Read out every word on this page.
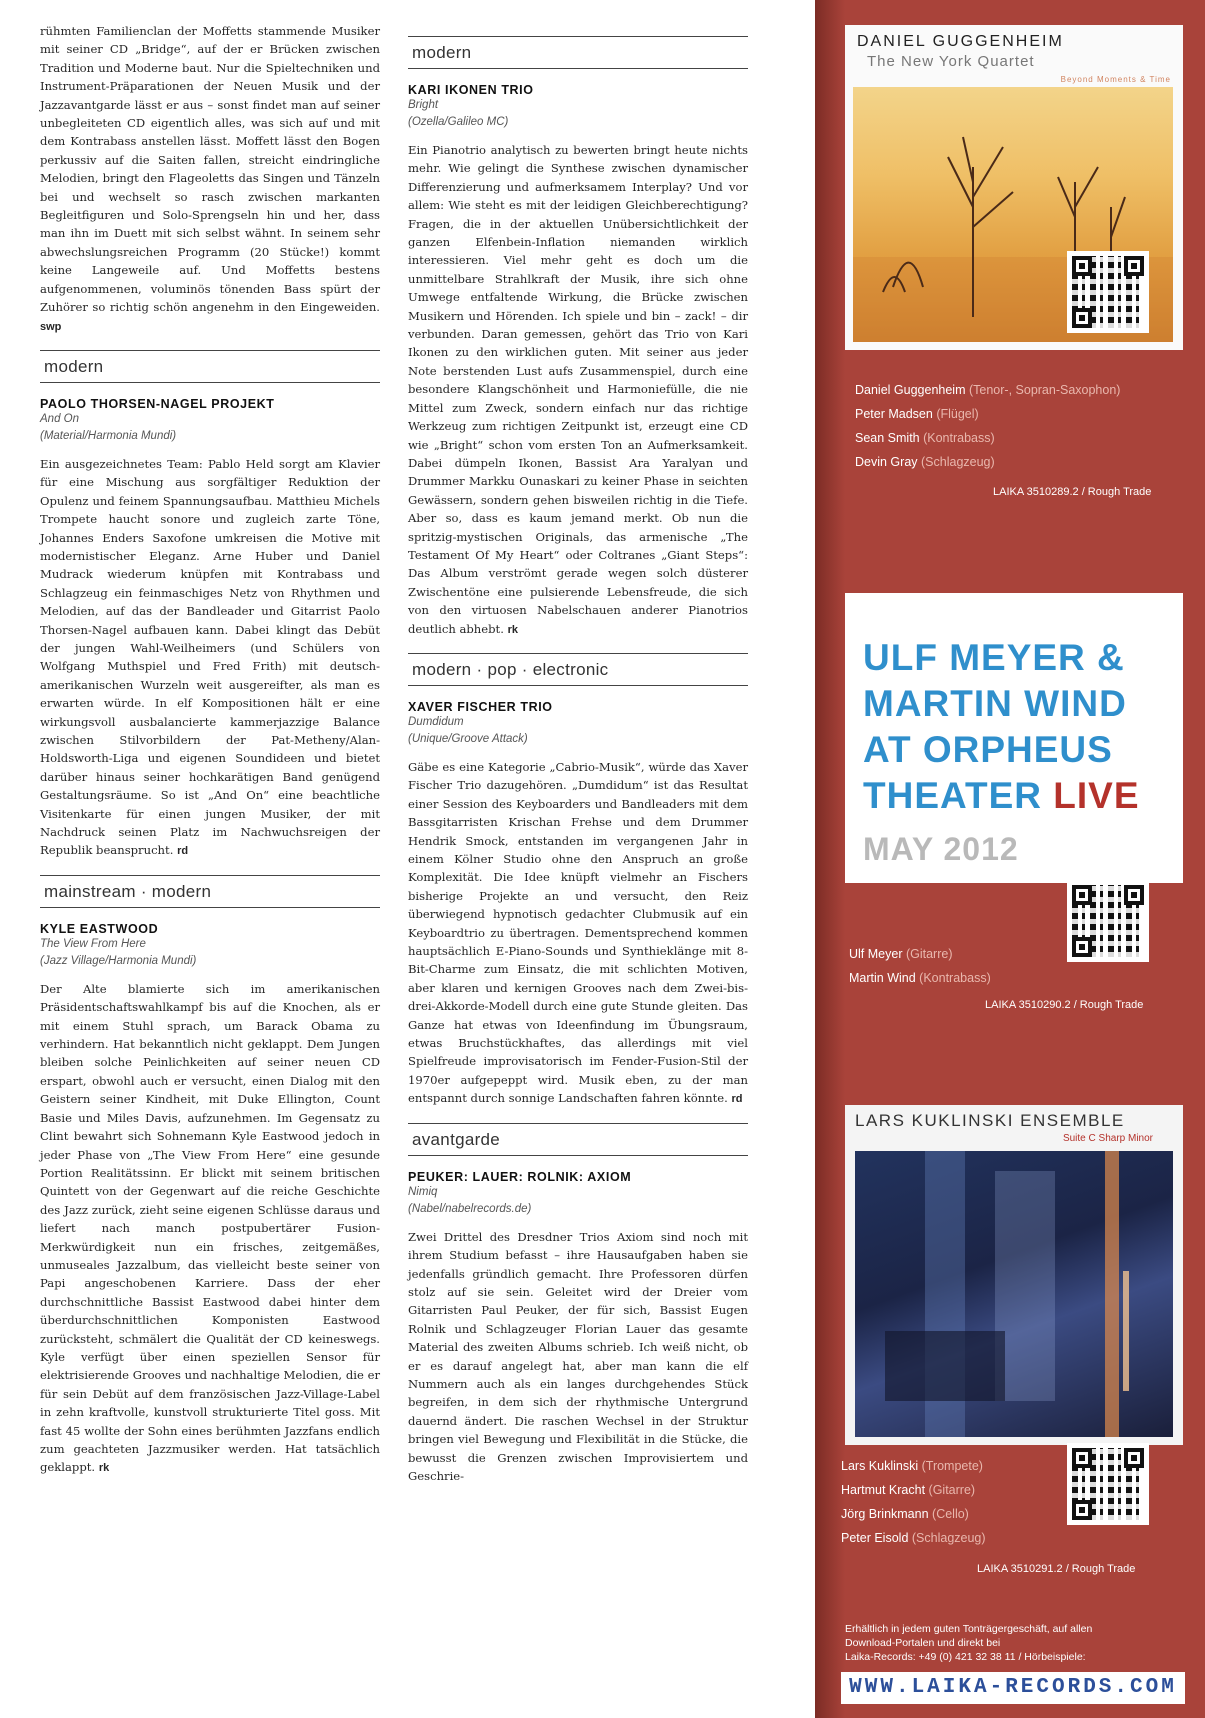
rühmten Familienclan der Moffetts stammende Musiker mit seiner CD „Bridge“, auf der er Brücken zwischen Tradition und Moderne baut. Nur die Spieltechniken und Instrument-Präparationen der Neuen Musik und der Jazzavantgarde lässt er aus – sonst findet man auf seiner unbegleiteten CD eigentlich alles, was sich auf und mit dem Kontrabass anstellen lässt. Moffett lässt den Bogen perkussiv auf die Saiten fallen, streicht eindringliche Melodien, bringt den Flageoletts das Singen und Tänzeln bei und wechselt so rasch zwischen markanten Begleitfiguren und Solo-Sprengseln hin und her, dass man ihn im Duett mit sich selbst wähnt. In seinem sehr abwechslungsreichen Programm (20 Stücke!) kommt keine Langeweile auf. Und Moffetts bestens aufgenommenen, voluminös tönenden Bass spürt der Zuhörer so richtig schön angenehm in den Eingeweiden. swp

modern
PAOLO THORSEN-NAGEL PROJEKT
And On
(Material/Harmonia Mundi)

Ein ausgezeichnetes Team: Pablo Held sorgt am Klavier für eine Mischung aus sorgfältiger Reduktion der Opulenz und feinem Spannungsaufbau. Matthieu Michels Trompete haucht sonore und zugleich zarte Töne, Johannes Enders Saxofone umkreisen die Motive mit modernistischer Eleganz. Arne Huber und Daniel Mudrack wiederum knüpfen mit Kontrabass und Schlagzeug ein feinmaschiges Netz von Rhythmen und Melodien, auf das der Bandleader und Gitarrist Paolo Thorsen-Nagel aufbauen kann. Dabei klingt das Debüt der jungen Wahl-Weilheimers (und Schülers von Wolfgang Muthspiel und Fred Frith) mit deutsch-amerikanischen Wurzeln weit ausgereifter, als man es erwarten würde. In elf Kompositionen hält er eine wirkungsvoll ausbalancierte kammerjazzige Balance zwischen Stilvorbildern der Pat-Metheny/Alan-Holdsworth-Liga und eigenen Soundideen und bietet darüber hinaus seiner hochkarätigen Band genügend Gestaltungsräume. So ist „And On“ eine beachtliche Visitenkarte für einen jungen Musiker, der mit Nachdruck seinen Platz im Nachwuchsreigen der Republik beansprucht. rd

mainstream · modern
KYLE EASTWOOD
The View From Here
(Jazz Village/Harmonia Mundi)

Der Alte blamierte sich im amerikanischen Präsidentschaftswahlkampf bis auf die Knochen, als er mit einem Stuhl sprach, um Barack Obama zu verhindern. Hat bekanntlich nicht geklappt. Dem Jungen bleiben solche Peinlichkeiten auf seiner neuen CD erspart, obwohl auch er versucht, einen Dialog mit den Geistern seiner Kindheit, mit Duke Ellington, Count Basie und Miles Davis, aufzunehmen. Im Gegensatz zu Clint bewahrt sich Sohnemann Kyle Eastwood jedoch in jeder Phase von „The View From Here“ eine gesunde Portion Realitätssinn. Er blickt mit seinem britischen Quintett von der Gegenwart auf die reiche Geschichte des Jazz zurück, zieht seine eigenen Schlüsse daraus und liefert nach manch postpubertärer Fusion-Merkwürdigkeit nun ein frisches, zeitgemäßes, unmuseales Jazzalbum, das vielleicht beste seiner von Papi angeschobenen Karriere. Dass der eher durchschnittliche Bassist Eastwood dabei hinter dem überdurchschnittlichen Komponisten Eastwood zurücksteht, schmälert die Qualität der CD keineswegs. Kyle verfügt über einen speziellen Sensor für elektrisierende Grooves und nachhaltige Melodien, die er für sein Debüt auf dem französischen Jazz-Village-Label in zehn kraftvolle, kunstvoll strukturierte Titel goss. Mit fast 45 wollte der Sohn eines berühmten Jazzfans endlich zum geachteten Jazzmusiker werden. Hat tatsächlich geklappt. rk

modern
KARI IKONEN TRIO
Bright
(Ozella/Galileo MC)

Ein Pianotrio analytisch zu bewerten bringt heute nichts mehr. Wie gelingt die Synthese zwischen dynamischer Differenzierung und aufmerksamem Interplay? Und vor allem: Wie steht es mit der leidigen Gleichberechtigung? Fragen, die in der aktuellen Unübersichtlichkeit der ganzen Elfenbein-Inflation niemanden wirklich interessieren. Viel mehr geht es doch um die unmittelbare Strahlkraft der Musik, ihre sich ohne Umwege entfaltende Wirkung, die Brücke zwischen Musikern und Hörenden. Ich spiele und bin – zack! – dir verbunden. Daran gemessen, gehört das Trio von Kari Ikonen zu den wirklichen guten. Mit seiner aus jeder Note berstenden Lust aufs Zusammenspiel, durch eine besondere Klangschönheit und Harmoniefülle, die nie Mittel zum Zweck, sondern einfach nur das richtige Werkzeug zum richtigen Zeitpunkt ist, erzeugt eine CD wie „Bright“ schon vom ersten Ton an Aufmerksamkeit. Dabei dümpeln Ikonen, Bassist Ara Yaralyan und Drummer Markku Ounaskari zu keiner Phase in seichten Gewässern, sondern gehen bisweilen richtig in die Tiefe. Aber so, dass es kaum jemand merkt. Ob nun die spritzig-mystischen Originals, das armenische „The Testament Of My Heart“ oder Coltranes „Giant Steps“: Das Album verströmt gerade wegen solch düsterer Zwischentöne eine pulsierende Lebensfreude, die sich von den virtuosen Nabelschauen anderer Pianotrios deutlich abhebt. rk

modern · pop · electronic
XAVER FISCHER TRIO
Dumdidum
(Unique/Groove Attack)

Gäbe es eine Kategorie „Cabrio-Musik“, würde das Xaver Fischer Trio dazugehören. „Dumdidum“ ist das Resultat einer Session des Keyboarders und Bandleaders mit dem Bassgitarristen Krischan Frehse und dem Drummer Hendrik Smock, entstanden im vergangenen Jahr in einem Kölner Studio ohne den Anspruch an große Komplexität. Die Idee knüpft vielmehr an Fischers bisherige Projekte an und versucht, den Reiz überwiegend hypnotisch gedachter Clubmusik auf ein Keyboardtrio zu übertragen. Dementsprechend kommen hauptsächlich E-Piano-Sounds und Synthieklänge mit 8-Bit-Charme zum Einsatz, die mit schlichten Motiven, aber klaren und kernigen Grooves nach dem Zwei-bis-drei-Akkorde-Modell durch eine gute Stunde gleiten. Das Ganze hat etwas von Ideenfindung im Übungsraum, etwas Bruchstückhaftes, das allerdings mit viel Spielfreude improvisatorisch im Fender-Fusion-Stil der 1970er aufgepeppt wird. Musik eben, zu der man entspannt durch sonnige Landschaften fahren könnte. rd

avantgarde
PEUKER: LAUER: ROLNIK: AXIOM
Nimiq
(Nabel/nabelrecords.de)

Zwei Drittel des Dresdner Trios Axiom sind noch mit ihrem Studium befasst – ihre Hausaufgaben haben sie jedenfalls gründlich gemacht. Ihre Professoren dürfen stolz auf sie sein. Geleitet wird der Dreier vom Gitarristen Paul Peuker, der für sich, Bassist Eugen Rolnik und Schlagzeuger Florian Lauer das gesamte Material des zweiten Albums schrieb. Ich weiß nicht, ob er es darauf angelegt hat, aber man kann die elf Nummern auch als ein langes durchgehendes Stück begreifen, in dem sich der rhythmische Untergrund dauernd ändert. Die raschen Wechsel in der Struktur bringen viel Bewegung und Flexibilität in die Stücke, die bewusst die Grenzen zwischen Improvisiertem und Geschrie-

DANIEL GUGGENHEIM
The New York Quartet
Beyond Moments & Time
Daniel Guggenheim (Tenor-, Sopran-Saxophon)
Peter Madsen (Flügel)
Sean Smith (Kontrabass)
Devin Gray (Schlagzeug)
LAIKA 3510289.2 / Rough Trade
ULF MEYER &
MARTIN WIND
AT ORPHEUS
THEATER LIVE
MAY 2012
Ulf Meyer (Gitarre)
Martin Wind (Kontrabass)
LAIKA 3510290.2 / Rough Trade
LARS KUKLINSKI ENSEMBLE
Suite C Sharp Minor
Lars Kuklinski (Trompete)
Hartmut Kracht (Gitarre)
Jörg Brinkmann (Cello)
Peter Eisold (Schlagzeug)
LAIKA 3510291.2 / Rough Trade
Erhältlich in jedem guten Tonträgergeschäft, auf allen
Download-Portalen und direkt bei
Laika-Records: +49 (0) 421 32 38 11 / Hörbeispiele:
WWW.LAIKA-RECORDS.COM
